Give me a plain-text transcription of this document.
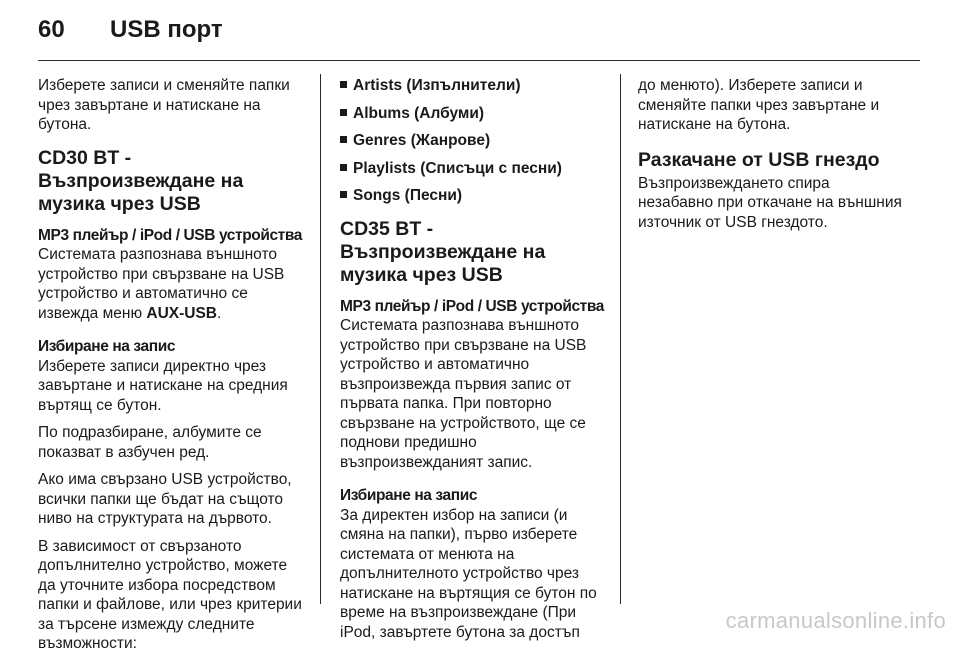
60 USB порт

Изберете записи и сменяйте папки чрез завъртане и натискане на бутона.

CD30 BT - Възпроизвеждане на музика чрез USB
MP3 плейър / iPod / USB устройства

Системата разпознава външното устройство при свързване на USB устройство и автоматично се извежда меню AUX-USB.

Избиране на запис

Изберете записи директно чрез завъртане и натискане на средния въртящ се бутон.

По подразбиране, албумите се показват в азбучен ред.

Ако има свързано USB устройство, всички папки ще бъдат на същото ниво на структурата на дървото.

В зависимост от свързаното допълнително устройство, можете да уточните избора посредством папки и файлове, или чрез критерии за търсене измежду следните възможности:

Artists (Изпълнители)
Albums (Албуми)
Genres (Жанрове)
Playlists (Списъци с песни)
Songs (Песни)
CD35 BT - Възпроизвеждане на музика чрез USB
MP3 плейър / iPod / USB устройства

Системата разпознава външното устройство при свързване на USB устройство и автоматично възпроизвежда първия запис от първата папка. При повторно свързване на устройството, ще се поднови предишно възпроизвежданият запис.

Избиране на запис

За директен избор на записи (и смяна на папки), първо изберете системата от менюта на допълнителното устройство чрез натискане на въртящия се бутон по време на възпроизвеждане (При iPod, завъртете бутона за достъп

до менюто). Изберете записи и сменяйте папки чрез завъртане и натискане на бутона.

Разкачане от USB гнездо

Възпроизвеждането спира незабавно при откачане на външния източник от USB гнездото.

carmanualsonline.info
